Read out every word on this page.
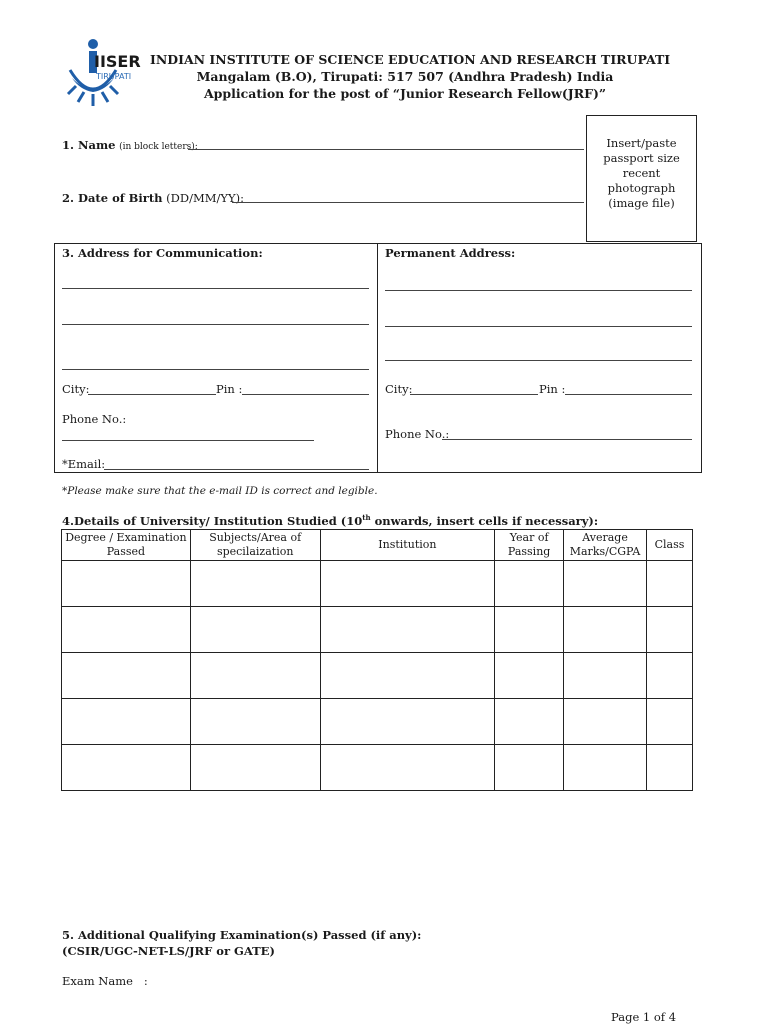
IISER
TIRUPATI
INDIAN INSTITUTE OF SCIENCE EDUCATION AND RESEARCH TIRUPATI
Mangalam (B.O), Tirupati: 517 507 (Andhra Pradesh) India
Application for the post of “Junior Research Fellow(JRF)”
1. Name (in block letters):
2. Date of Birth (DD/MM/YY):
Insert/paste
passport size
recent
photograph
(image file)
3. Address for Communication:
City:	Pin :
Phone No.:
*Email:
Permanent Address:
City:	Pin :
Phone No.:
*Please make sure that the e-mail ID is correct and legible.
4.Details of University/ Institution Studied (10th onwards, insert cells if necessary):
Degree / Examination Passed	Subjects/Area of specilaization	Institution	Year of Passing	Average Marks/CGPA	Class

5. Additional Qualifying Examination(s) Passed (if any):
(CSIR/UGC-NET-LS/JRF or GATE)
Exam Name   :
Page 1 of 4
